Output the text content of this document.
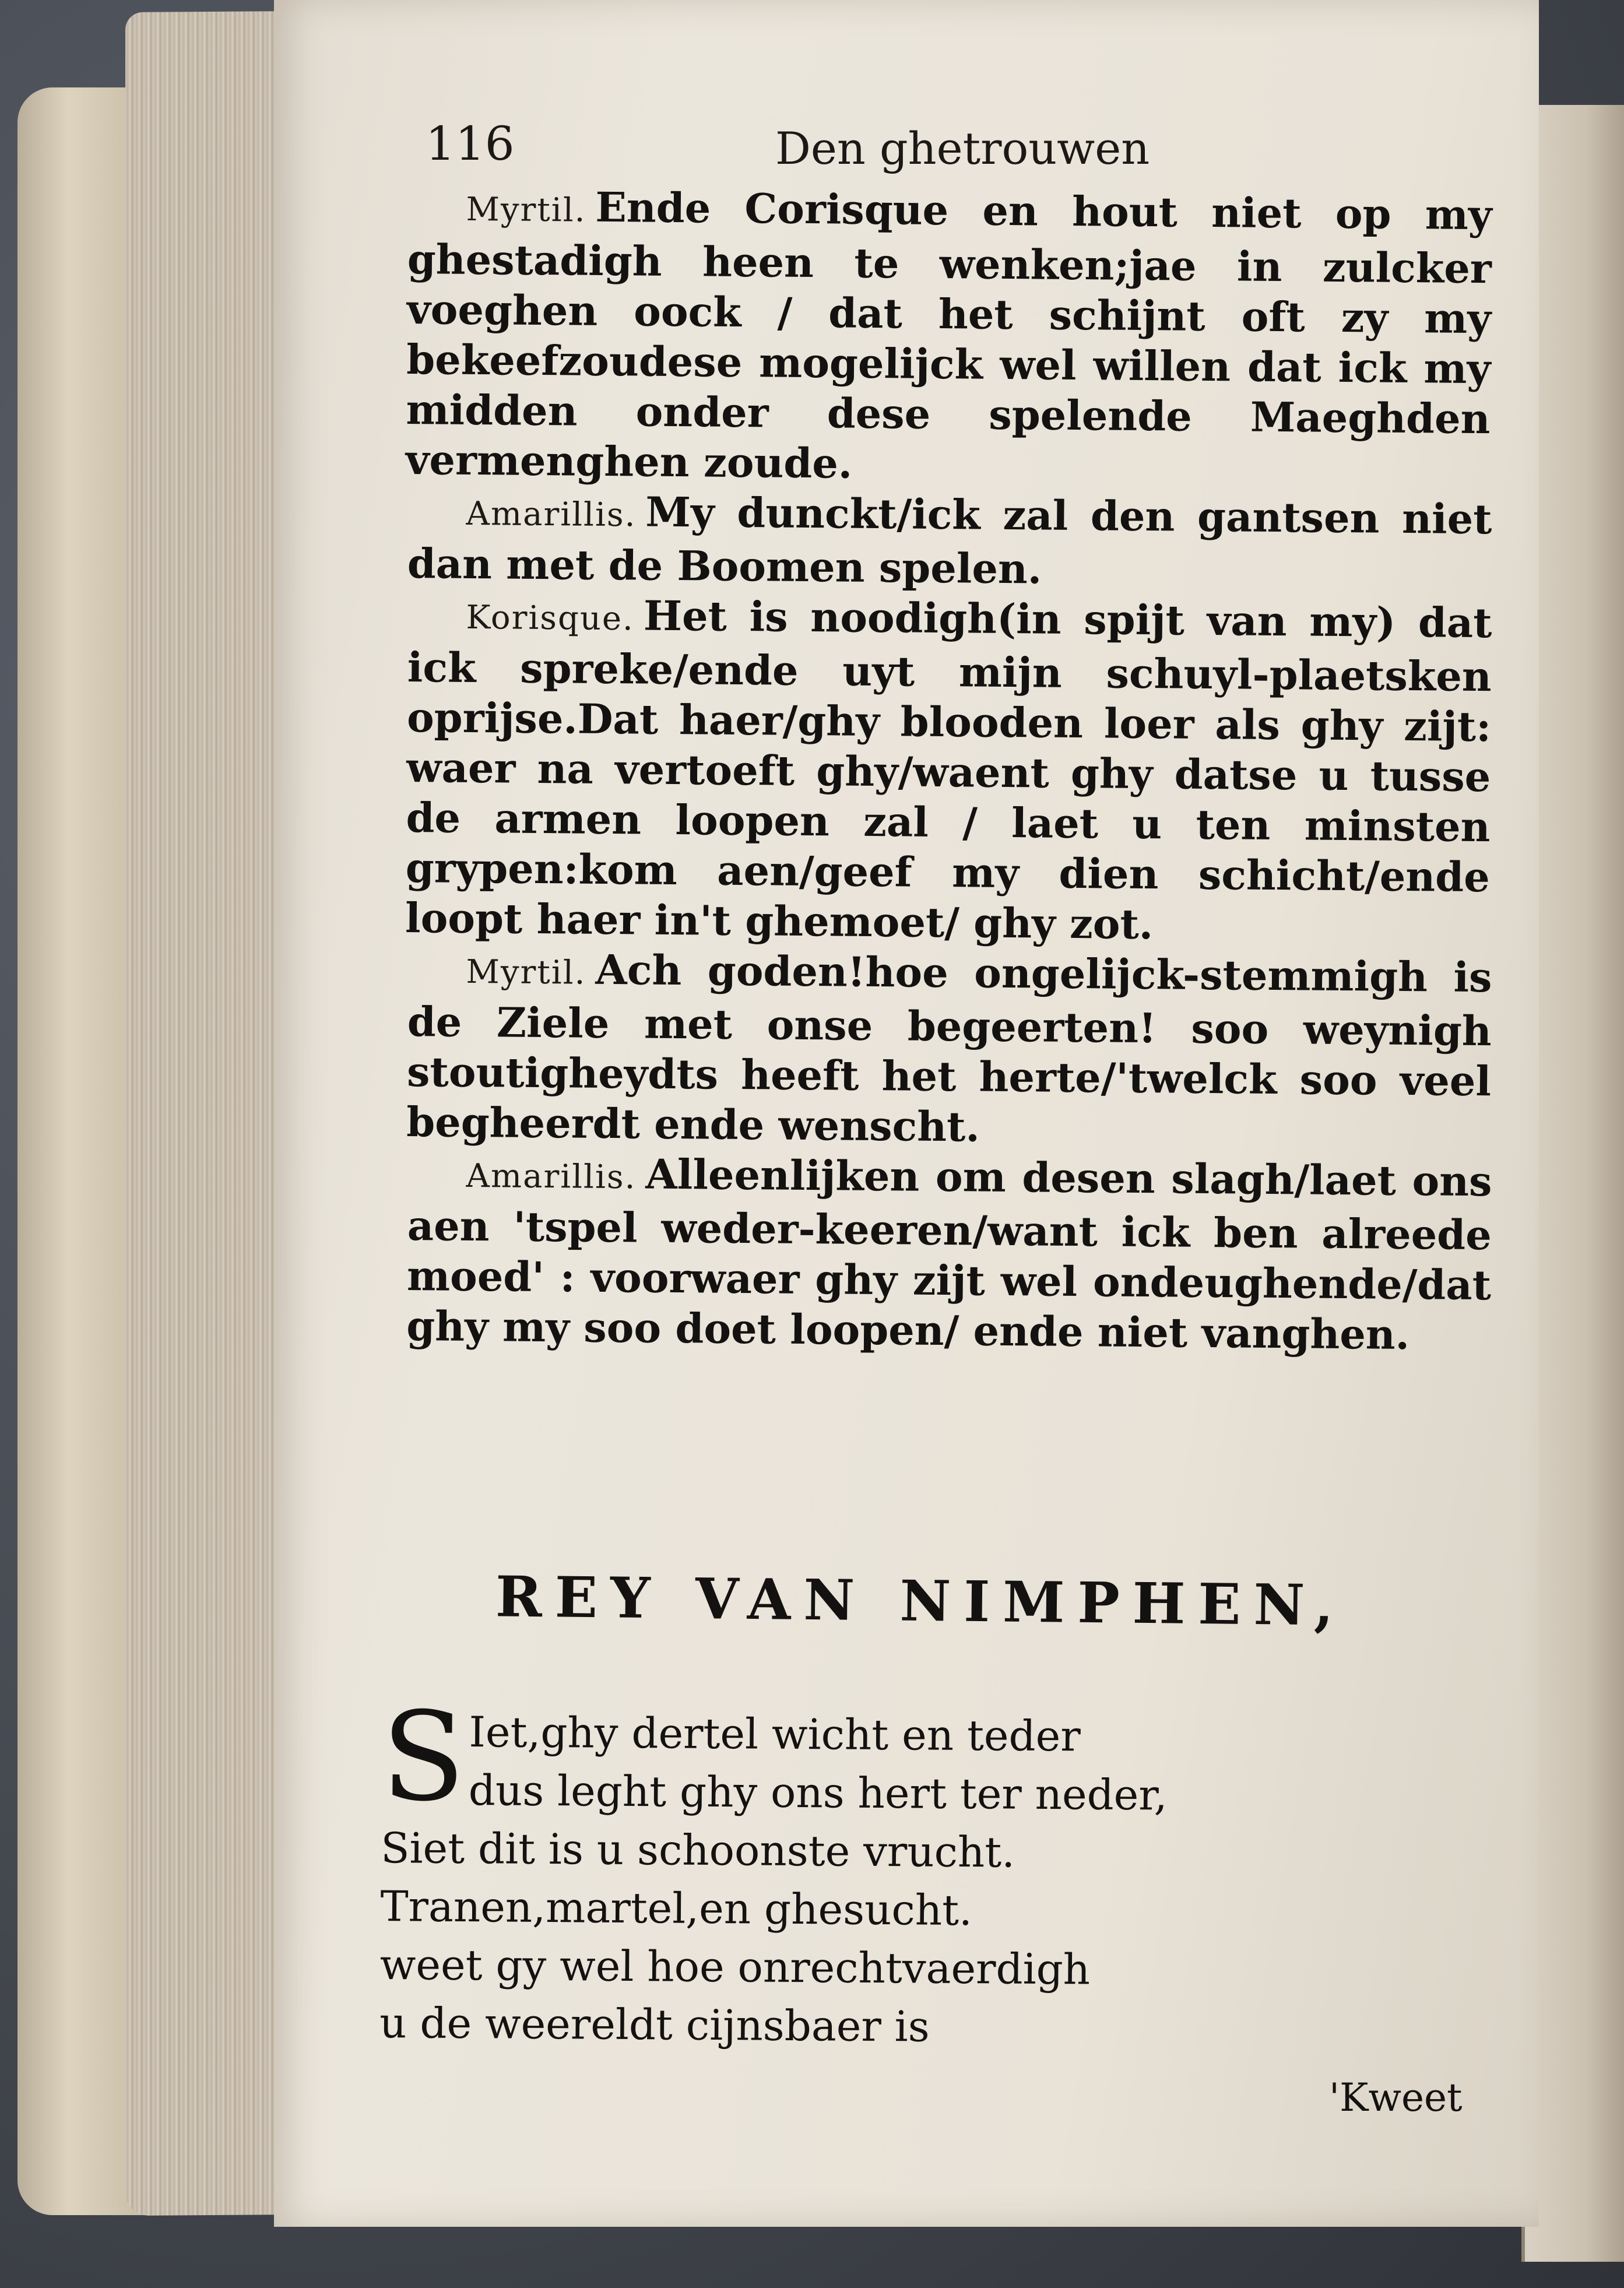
116	Den ghetrouwen

Myrtil. Ende Corisque en hout niet op my ghestadigh heen te wenken;jae in zulcker voeghen oock / dat het schijnt oft zy my bekeefzoudese mogelijck wel willen dat ick my midden onder dese spelende Maeghden vermenghen zoude.

Amarillis. My dunckt/ick zal den gantsen niet dan met de Boomen spelen.

Korisque. Het is noodigh(in spijt van my) dat ick spreke/ende uyt mijn schuyl-plaetsken oprijse.Dat haer/ghy blooden loer als ghy zijt: waer na vertoeft ghy/waent ghy datse u tusse de armen loopen zal / laet u ten minsten grypen:kom aen/geef my dien schicht/ende loopt haer in't ghemoet/ ghy zot.

Myrtil. Ach goden!hoe ongelijck-stemmigh is de Ziele met onse begeerten! soo weynigh stoutigheydts heeft het herte/'twelck soo veel begheerdt ende wenscht.

Amarillis. Alleenlijken om desen slagh/laet ons aen 'tspel weder-keeren/want ick ben alreede moed' : voorwaer ghy zijt wel ondeughende/dat ghy my soo doet loopen/ ende niet vanghen.

REY VAN NIMPHEN,
S Iet,ghy dertel wicht en teder
dus leght ghy ons hert ter neder,
Siet dit is u schoonste vrucht.
Tranen,martel,en ghesucht.
weet gy wel hoe onrechtvaerdigh
u de weereldt cijnsbaer is
'Kweet
